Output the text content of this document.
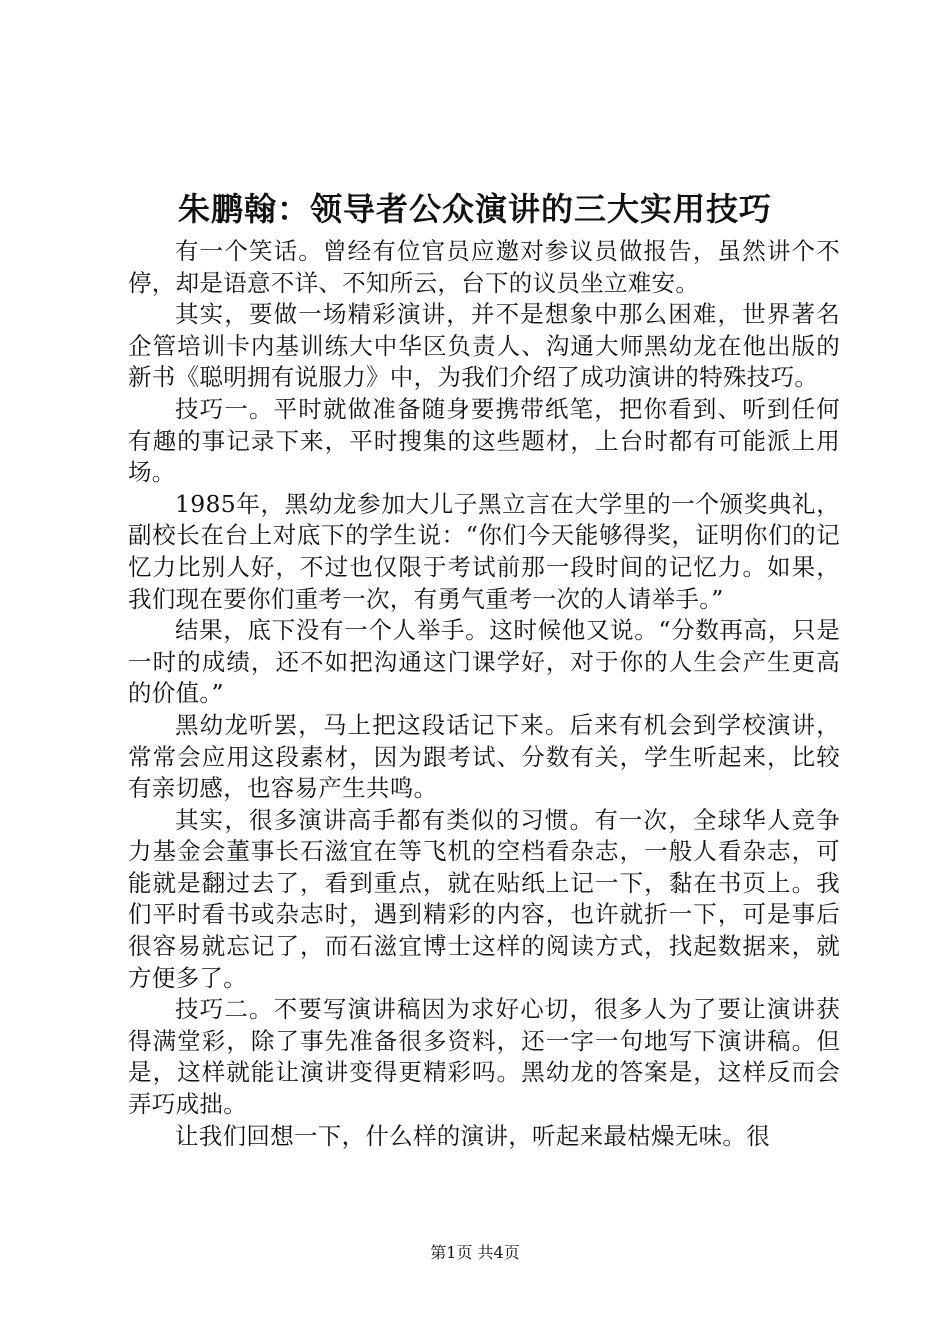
朱鹏翰：领导者公众演讲的三大实用技巧

有一个笑话。曾经有位官员应邀对参议员做报告，虽然讲个不停，却是语意不详、不知所云，台下的议员坐立难安。

其实，要做一场精彩演讲，并不是想象中那么困难，世界著名企管培训卡内基训练大中华区负责人、沟通大师黑幼龙在他出版的新书《聪明拥有说服力》中，为我们介绍了成功演讲的特殊技巧。

技巧一。平时就做准备随身要携带纸笔，把你看到、听到任何有趣的事记录下来，平时搜集的这些题材，上台时都有可能派上用场。

1985年，黑幼龙参加大儿子黑立言在大学里的一个颁奖典礼，副校长在台上对底下的学生说：“你们今天能够得奖，证明你们的记忆力比别人好，不过也仅限于考试前那一段时间的记忆力。如果，我们现在要你们重考一次，有勇气重考一次的人请举手。”

结果，底下没有一个人举手。这时候他又说。“分数再高，只是一时的成绩，还不如把沟通这门课学好，对于你的人生会产生更高的价值。”

黑幼龙听罢，马上把这段话记下来。后来有机会到学校演讲，常常会应用这段素材，因为跟考试、分数有关，学生听起来，比较有亲切感，也容易产生共鸣。

其实，很多演讲高手都有类似的习惯。有一次，全球华人竞争力基金会董事长石滋宜在等飞机的空档看杂志，一般人看杂志，可能就是翻过去了，看到重点，就在贴纸上记一下，黏在书页上。我们平时看书或杂志时，遇到精彩的内容，也许就折一下，可是事后很容易就忘记了，而石滋宜博士这样的阅读方式，找起数据来，就方便多了。

技巧二。不要写演讲稿因为求好心切，很多人为了要让演讲获得满堂彩，除了事先准备很多资料，还一字一句地写下演讲稿。但是，这样就能让演讲变得更精彩吗。黑幼龙的答案是，这样反而会弄巧成拙。

让我们回想一下，什么样的演讲，听起来最枯燥无味。很

第1页 共4页
